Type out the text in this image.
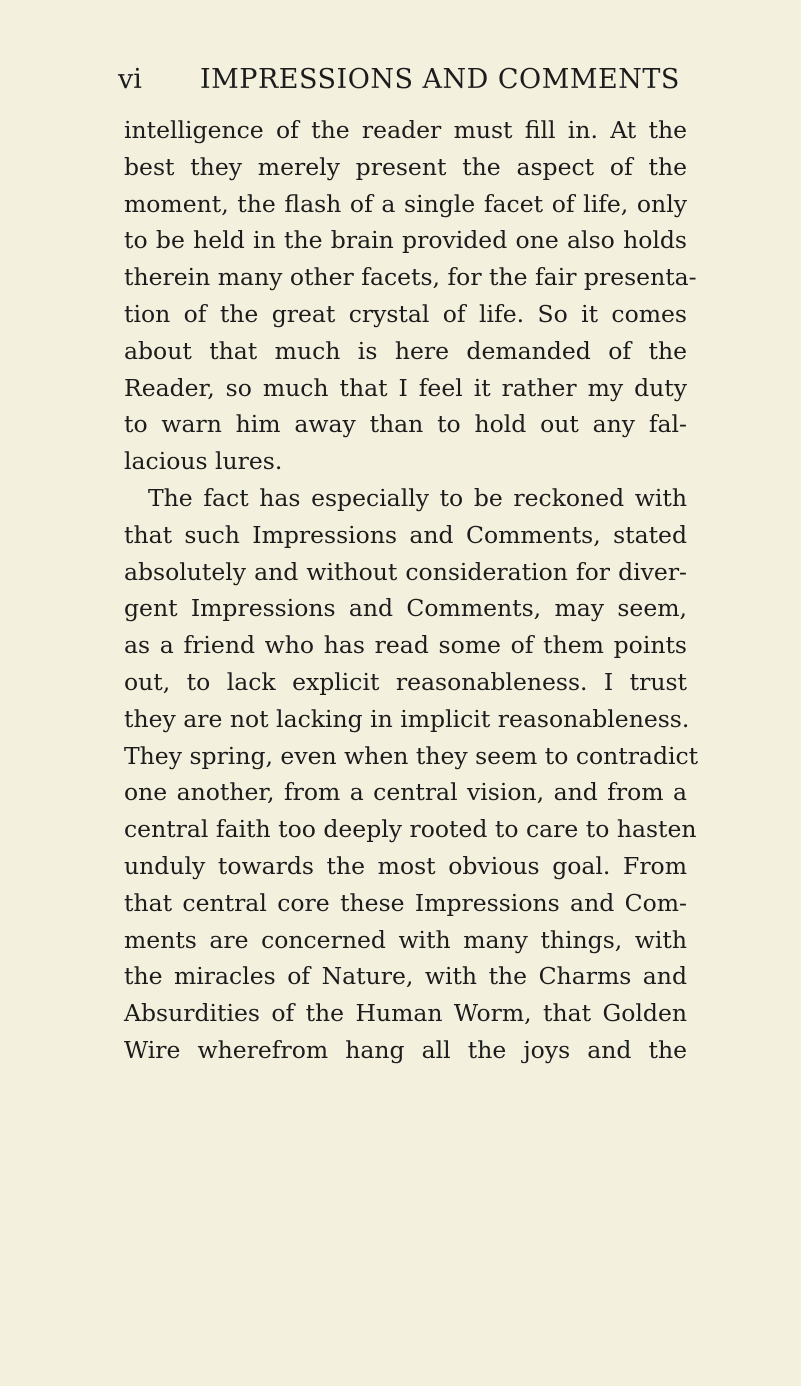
vi IMPRESSIONS AND COMMENTS
intelligence of the reader must fill in. At the
best they merely present the aspect of the
moment, the flash of a single facet of life, only
to be held in the brain provided one also holds
therein many other facets, for the fair presenta-
tion of the great crystal of life. So it comes
about that much is here demanded of the
Reader, so much that I feel it rather my duty
to warn him away than to hold out any fal-
lacious lures.
The fact has especially to be reckoned with
that such Impressions and Comments, stated
absolutely and without consideration for diver-
gent Impressions and Comments, may seem,
as a friend who has read some of them points
out, to lack explicit reasonableness. I trust
they are not lacking in implicit reasonableness.
They spring, even when they seem to contradict
one another, from a central vision, and from a
central faith too deeply rooted to care to hasten
unduly towards the most obvious goal. From
that central core these Impressions and Com-
ments are concerned with many things, with
the miracles of Nature, with the Charms and
Absurdities of the Human Worm, that Golden
Wire wherefrom hang all the joys and the
